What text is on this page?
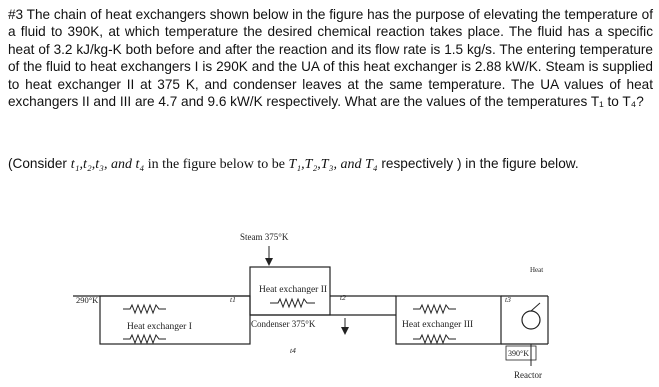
#3 The chain of heat exchangers shown below in the figure has the purpose of elevating the temperature of a fluid to 390K, at which temperature the desired chemical reaction takes place. The fluid has a specific heat of 3.2 kJ/kg-K both before and after the reaction and its flow rate is 1.5 kg/s. The entering temperature of the fluid to heat exchangers I is 290K and the UA of this heat exchanger is 2.88 kW/K. Steam is supplied to heat exchanger II at 375 K, and condenser leaves at the same temperature. The UA values of heat exchangers II and III are 4.7 and 9.6 kW/K respectively. What are the values of the temperatures T₁ to T₄?

(Consider t₁,t₂,t₃, and t₄ in the figure below to be T₁,T₂,T₃, and T₄ respectively ) in the figure below.
Steam 375°K
Heat exchanger II
Condenser 375°K
Heat exchanger I
290°K	t1	t2
t4
Heat exchanger III
t3
Heat
390°K
Reactor
